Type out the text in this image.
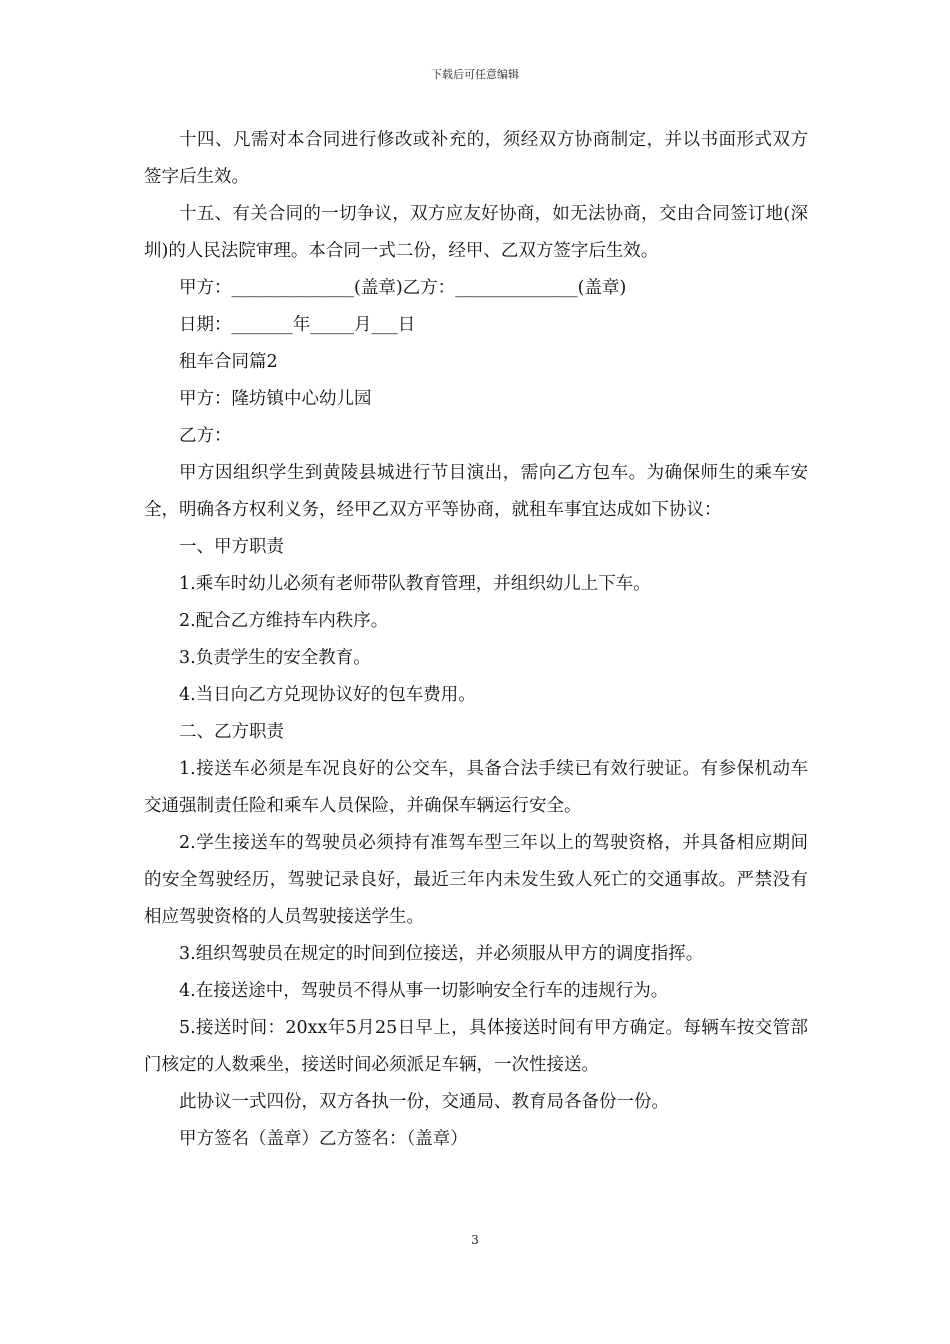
下载后可任意编辑

十四、凡需对本合同进行修改或补充的，须经双方协商制定，并以书面形式双方签字后生效。

十五、有关合同的一切争议，双方应友好协商，如无法协商，交由合同签订地(深圳)的人民法院审理。本合同一式二份，经甲、乙双方签字后生效。

甲方：______________(盖章)乙方：______________(盖章)

日期：_______年_____月___日

租车合同篇2

甲方：隆坊镇中心幼儿园

乙方：

甲方因组织学生到黄陵县城进行节目演出，需向乙方包车。为确保师生的乘车安全，明确各方权利义务，经甲乙双方平等协商，就租车事宜达成如下协议：

一、甲方职责

1.乘车时幼儿必须有老师带队教育管理，并组织幼儿上下车。

2.配合乙方维持车内秩序。

3.负责学生的安全教育。

4.当日向乙方兑现协议好的包车费用。

二、乙方职责

1.接送车必须是车况良好的公交车，具备合法手续已有效行驶证。有参保机动车交通强制责任险和乘车人员保险，并确保车辆运行安全。

2.学生接送车的驾驶员必须持有准驾车型三年以上的驾驶资格，并具备相应期间的安全驾驶经历，驾驶记录良好，最近三年内未发生致人死亡的交通事故。严禁没有相应驾驶资格的人员驾驶接送学生。

3.组织驾驶员在规定的时间到位接送，并必须服从甲方的调度指挥。

4.在接送途中，驾驶员不得从事一切影响安全行车的违规行为。

5.接送时间：20xx年5月25日早上，具体接送时间有甲方确定。每辆车按交管部门核定的人数乘坐，接送时间必须派足车辆，一次性接送。

此协议一式四份，双方各执一份，交通局、教育局各备份一份。

甲方签名（盖章）乙方签名：（盖章）

3
